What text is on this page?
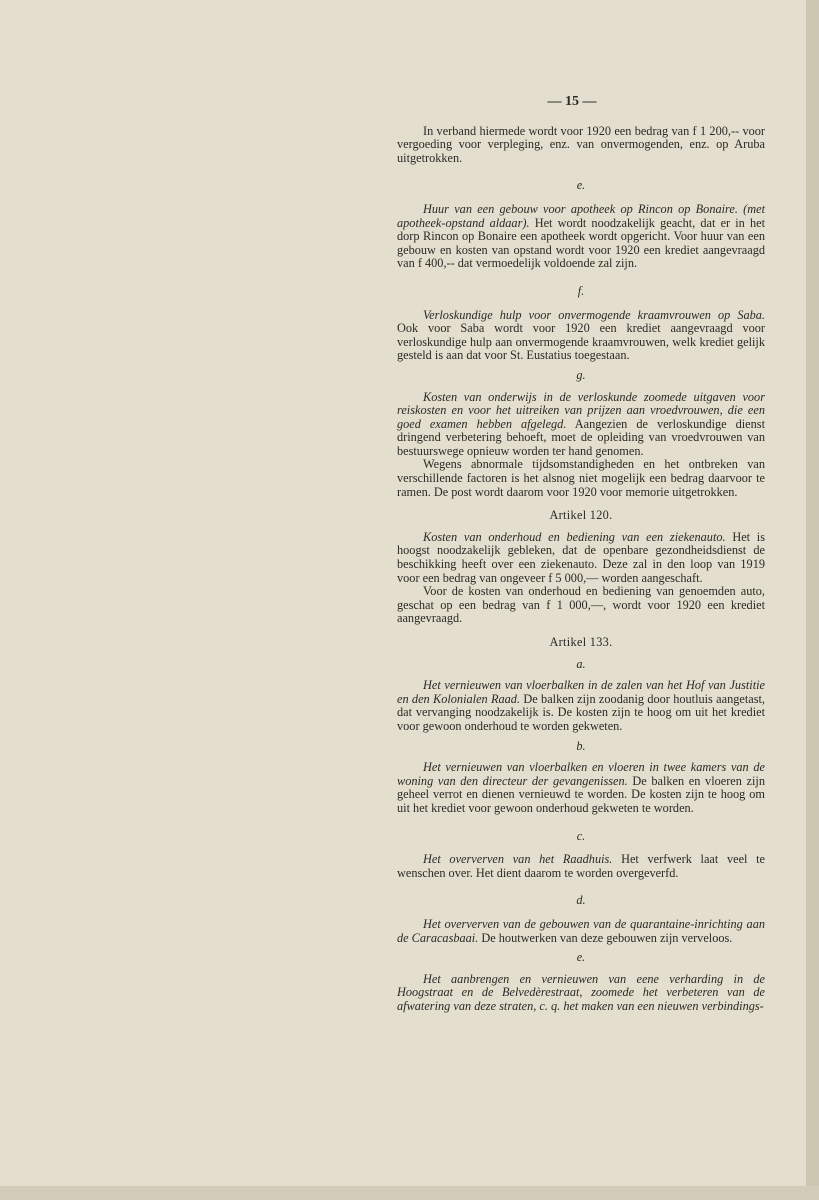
— 15 —

In verband hiermede wordt voor 1920 een bedrag van f 1 200,-- voor vergoeding voor verpleging, enz. van onvermogenden, enz. op Aruba uitgetrokken.

e.

Huur van een gebouw voor apotheek op Rincon op Bonaire. (met apotheek-opstand aldaar). Het wordt noodzakelijk geacht, dat er in het dorp Rincon op Bonaire een apotheek wordt opgericht. Voor huur van een gebouw en kosten van opstand wordt voor 1920 een krediet aangevraagd van f 400,-- dat vermoedelijk voldoende zal zijn.

f.

Verloskundige hulp voor onvermogende kraamvrouwen op Saba. Ook voor Saba wordt voor 1920 een krediet aangevraagd voor verloskundige hulp aan onvermogende kraamvrouwen, welk krediet gelijk gesteld is aan dat voor St. Eustatius toegestaan.

g.

Kosten van onderwijs in de verloskunde zoomede uitgaven voor reiskosten en voor het uitreiken van prijzen aan vroedvrouwen, die een goed examen hebben afgelegd. Aangezien de verloskundige dienst dringend verbetering behoeft, moet de opleiding van vroedvrouwen van bestuurswege opnieuw worden ter hand genomen.

Wegens abnormale tijdsomstandigheden en het ontbreken van verschillende factoren is het alsnog niet mogelijk een bedrag daarvoor te ramen. De post wordt daarom voor 1920 voor memorie uitgetrokken.

Artikel 120.

Kosten van onderhoud en bediening van een ziekenauto. Het is hoogst noodzakelijk gebleken, dat de openbare gezondheidsdienst de beschikking heeft over een ziekenauto. Deze zal in den loop van 1919 voor een bedrag van ongeveer f 5 000,— worden aangeschaft.

Voor de kosten van onderhoud en bediening van genoemden auto, geschat op een bedrag van f 1 000,—, wordt voor 1920 een krediet aangevraagd.

Artikel 133.
a.

Het vernieuwen van vloerbalken in de zalen van het Hof van Justitie en den Kolonialen Raad. De balken zijn zoodanig door houtluis aangetast, dat vervanging noodzakelijk is. De kosten zijn te hoog om uit het krediet voor gewoon onderhoud te worden gekweten.

b.

Het vernieuwen van vloerbalken en vloeren in twee kamers van de woning van den directeur der gevangenissen. De balken en vloeren zijn geheel verrot en dienen vernieuwd te worden. De kosten zijn te hoog om uit het krediet voor gewoon onderhoud gekweten te worden.

c.

Het oververven van het Raadhuis. Het verfwerk laat veel te wenschen over. Het dient daarom te worden overgeverfd.

d.

Het oververven van de gebouwen van de quarantaine-inrichting aan de Caracasbaai. De houtwerken van deze gebouwen zijn verveloos.

e.

Het aanbrengen en vernieuwen van eene verharding in de Hoogstraat en de Belvedèrestraat, zoomede het verbeteren van de afwatering van deze straten, c. q. het maken van een nieuwen verbindings-
